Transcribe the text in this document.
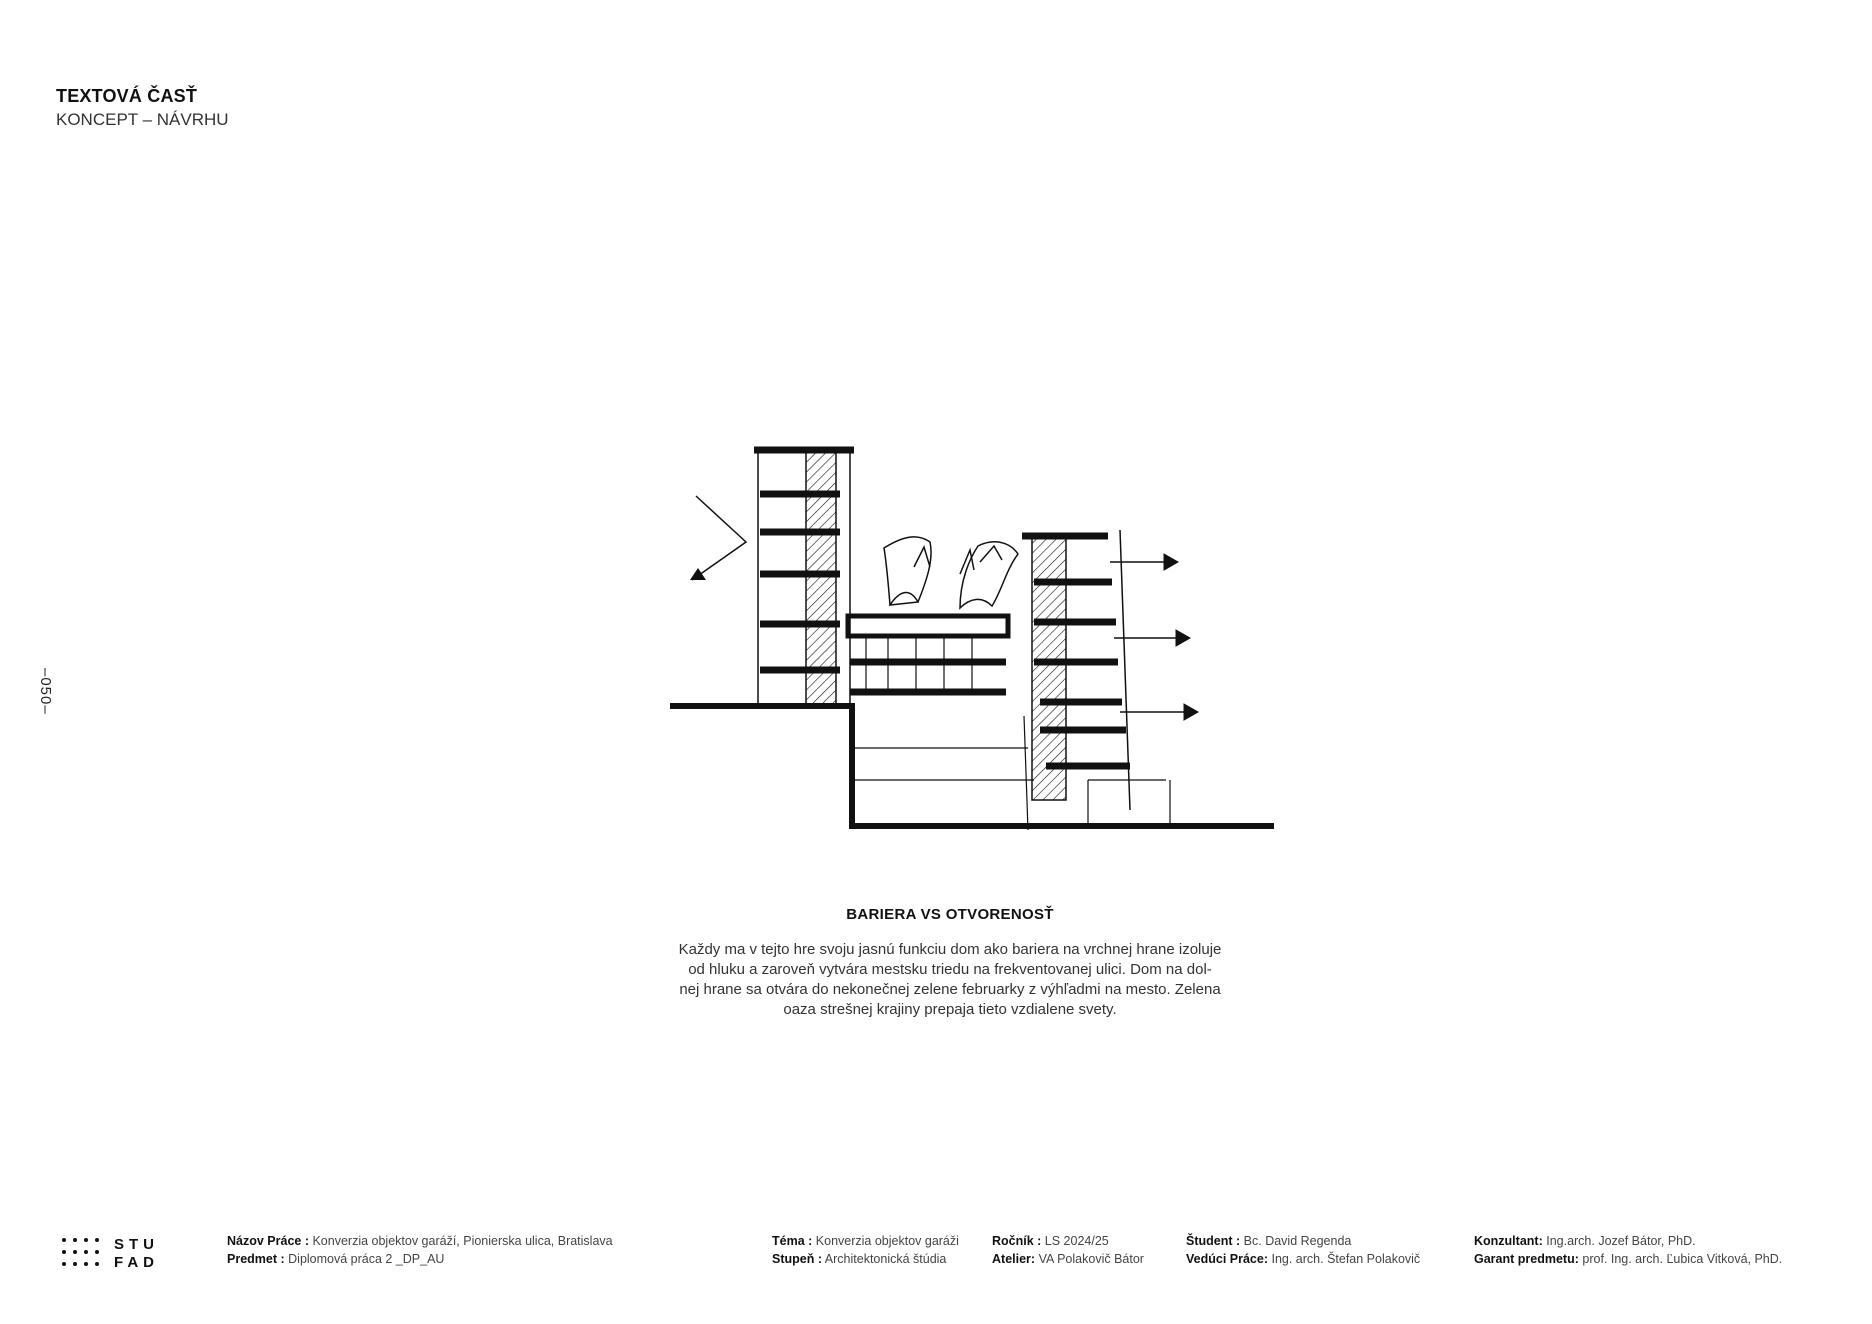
TEXTOVÁ ČASŤ
KONCEPT – NÁVRHU
–050–
BARIERA VS OTVORENOSŤ
Každy ma v tejto hre svoju jasnú funkciu dom ako bariera na vrchnej hrane izoluje
od hluku a zaroveň vytvára mestsku triedu na frekventovanej ulici. Dom na dol-
nej hrane sa otvára do nekonečnej zelene februarky z výhľadmi na mesto. Zelena
oaza strešnej krajiny prepaja tieto vzdialene svety.
STU
FAD
Názov Práce : Konverzia objektov garáží, Pionierska ulica, Bratislava
Predmet : Diplomová práca 2 _DP_AU
Téma : Konverzia objektov garáži
Stupeň : Architektonická štúdia
Ročník : LS 2024/25
Atelier: VA Polakovič Bátor
Študent : Bc. David Regenda
Vedúci Práce: Ing. arch. Štefan Polakovič
Konzultant: Ing.arch. Jozef Bátor, PhD.
Garant predmetu: prof. Ing. arch. Ľubica Vitková, PhD.
